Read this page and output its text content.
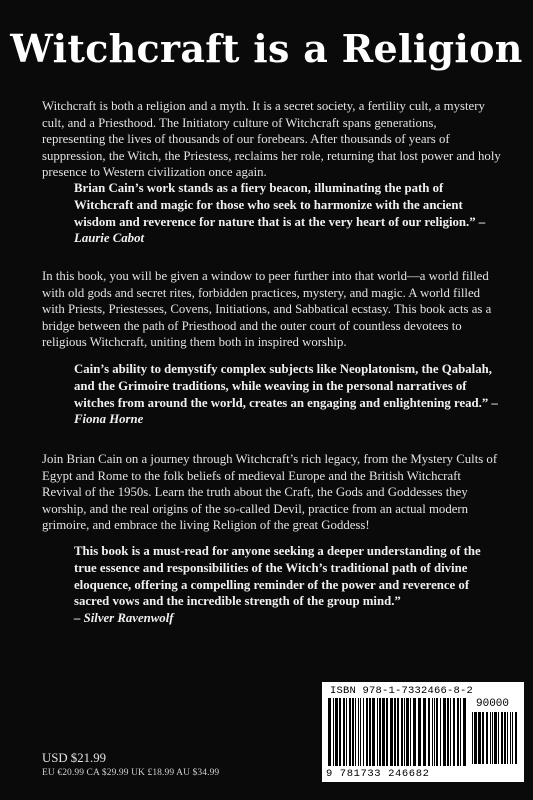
Witchcraft is a Religion

Witchcraft is both a religion and a myth. It is a secret society, a fertility cult, a mystery cult, and a Priesthood. The Initiatory culture of Witchcraft spans generations, representing the lives of thousands of our forebears. After thousands of years of suppression, the Witch, the Priestess, reclaims her role, returning that lost power and holy presence to Western civilization once again.

Brian Cain’s work stands as a fiery beacon, illuminating the path of Witchcraft and magic for those who seek to harmonize with the ancient wisdom and reverence for nature that is at the very heart of our religion.” – Laurie Cabot

In this book, you will be given a window to peer further into that world—a world filled with old gods and secret rites, forbidden practices, mystery, and magic. A world filled with Priests, Priestesses, Covens, Initiations, and Sabbatical ecstasy. This book acts as a bridge between the path of Priesthood and the outer court of countless devotees to religious Witchcraft, uniting them both in inspired worship.

Cain’s ability to demystify complex subjects like Neoplatonism, the Qabalah, and the Grimoire traditions, while weaving in the personal narratives of witches from around the world, creates an engaging and enlightening read.” – Fiona Horne

Join Brian Cain on a journey through Witchcraft’s rich legacy, from the Mystery Cults of Egypt and Rome to the folk beliefs of medieval Europe and the British Witchcraft Revival of the 1950s. Learn the truth about the Craft, the Gods and Goddesses they worship, and the real origins of the so-called Devil, practice from an actual modern grimoire, and embrace the living Religion of the great Goddess!

This book is a must-read for anyone seeking a deeper understanding of the true essence and responsibilities of the Witch’s traditional path of divine eloquence, offering a compelling reminder of the power and reverence of sacred vows and the incredible strength of the group mind.”
– Silver Ravenwolf
ISBN 978-1-7332466-8-2
90000
9 781733 246682
USD $21.99
EU €20.99 CA $29.99 UK £18.99 AU $34.99
